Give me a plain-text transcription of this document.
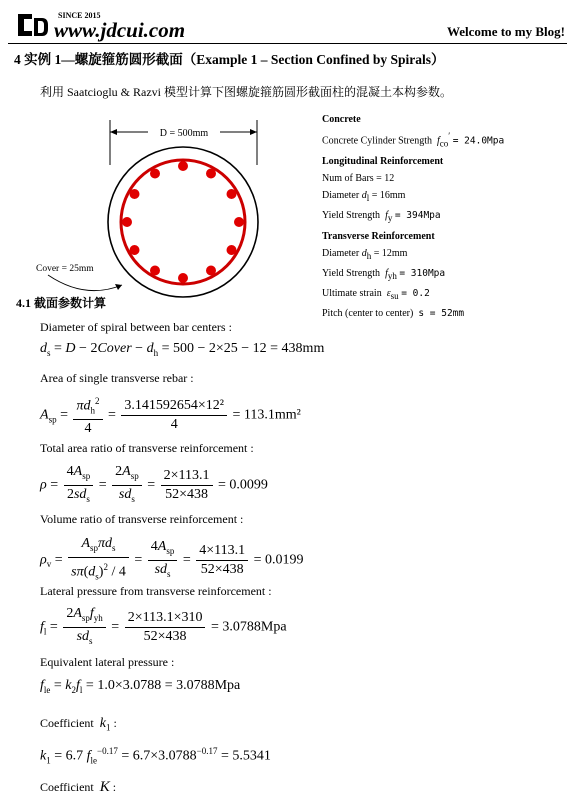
SINCE 2015
www.jdcui.com	Welcome to my Blog!
4 实例 1—螺旋箍筋圆形截面（Example 1 – Section Confined by Spirals）
利用 Saatcioglu & Razvi 模型计算下图螺旋箍筋圆形截面柱的混凝土本构参数。
D = 500mm
Cover = 25mm
Concrete
Concrete Cylinder Strength $f_{co}' = 24.0Mpa$
Longitudinal Reinforcement
Num of Bars = 12
Diameter $d_l = 16mm$
Yield Strength $f_y = 394Mpa$
Transverse Reinforcement
Diameter $d_h = 12mm$
Yield Strength $f_{yh} = 310Mpa$
Ultimate strain $\varepsilon_{su} = 0.2$
Pitch (center to center) s = 52mm
4.1 截面参数计算
Diameter of spiral between bar centers :
$d_s = D$ − 2Cover − $d_h = 500 - 2\times 25 - 12 = 438mm$
Area of single transverse rebar :
$A_{sp} = \frac{\pi d_h^2}{4} = \frac{\text{3.141592654×12²}}{4} = 113.1mm^2$
Total area ratio of transverse reinforcement :
$\rho = \frac{4A_{sp}}{2sd_s} = \frac{2A_{sp}}{sd_s} = \frac{2\times 113.1}{52\times 438} = 0.0099$
Volume ratio of transverse reinforcement :
$\rho_v = \frac{A_{sp}\pi d_s}{s\pi(d_s)^2 / 4} = \frac{4A_{sp}}{sd_s} = \frac{4\times 113.1}{52\times 438} = 0.0199$
Lateral pressure from transverse reinforcement :
$f_l = \frac{2A_{sp}f_{yh}}{sd_s} = \frac{2\times 113.1\times 310}{52\times 438} = 3.0788Mpa$
Equivalent lateral pressure :
$f_{le} = k_2f_l = 1.0\times 3.0788 = 3.0788Mpa$
Coefficient $k_1$ :
$k_1 = 6.7$ $f_{le}^{-0.17} = 6.7\times 3.0788^{-0.17} = 5.5341$
Coefficient K :
